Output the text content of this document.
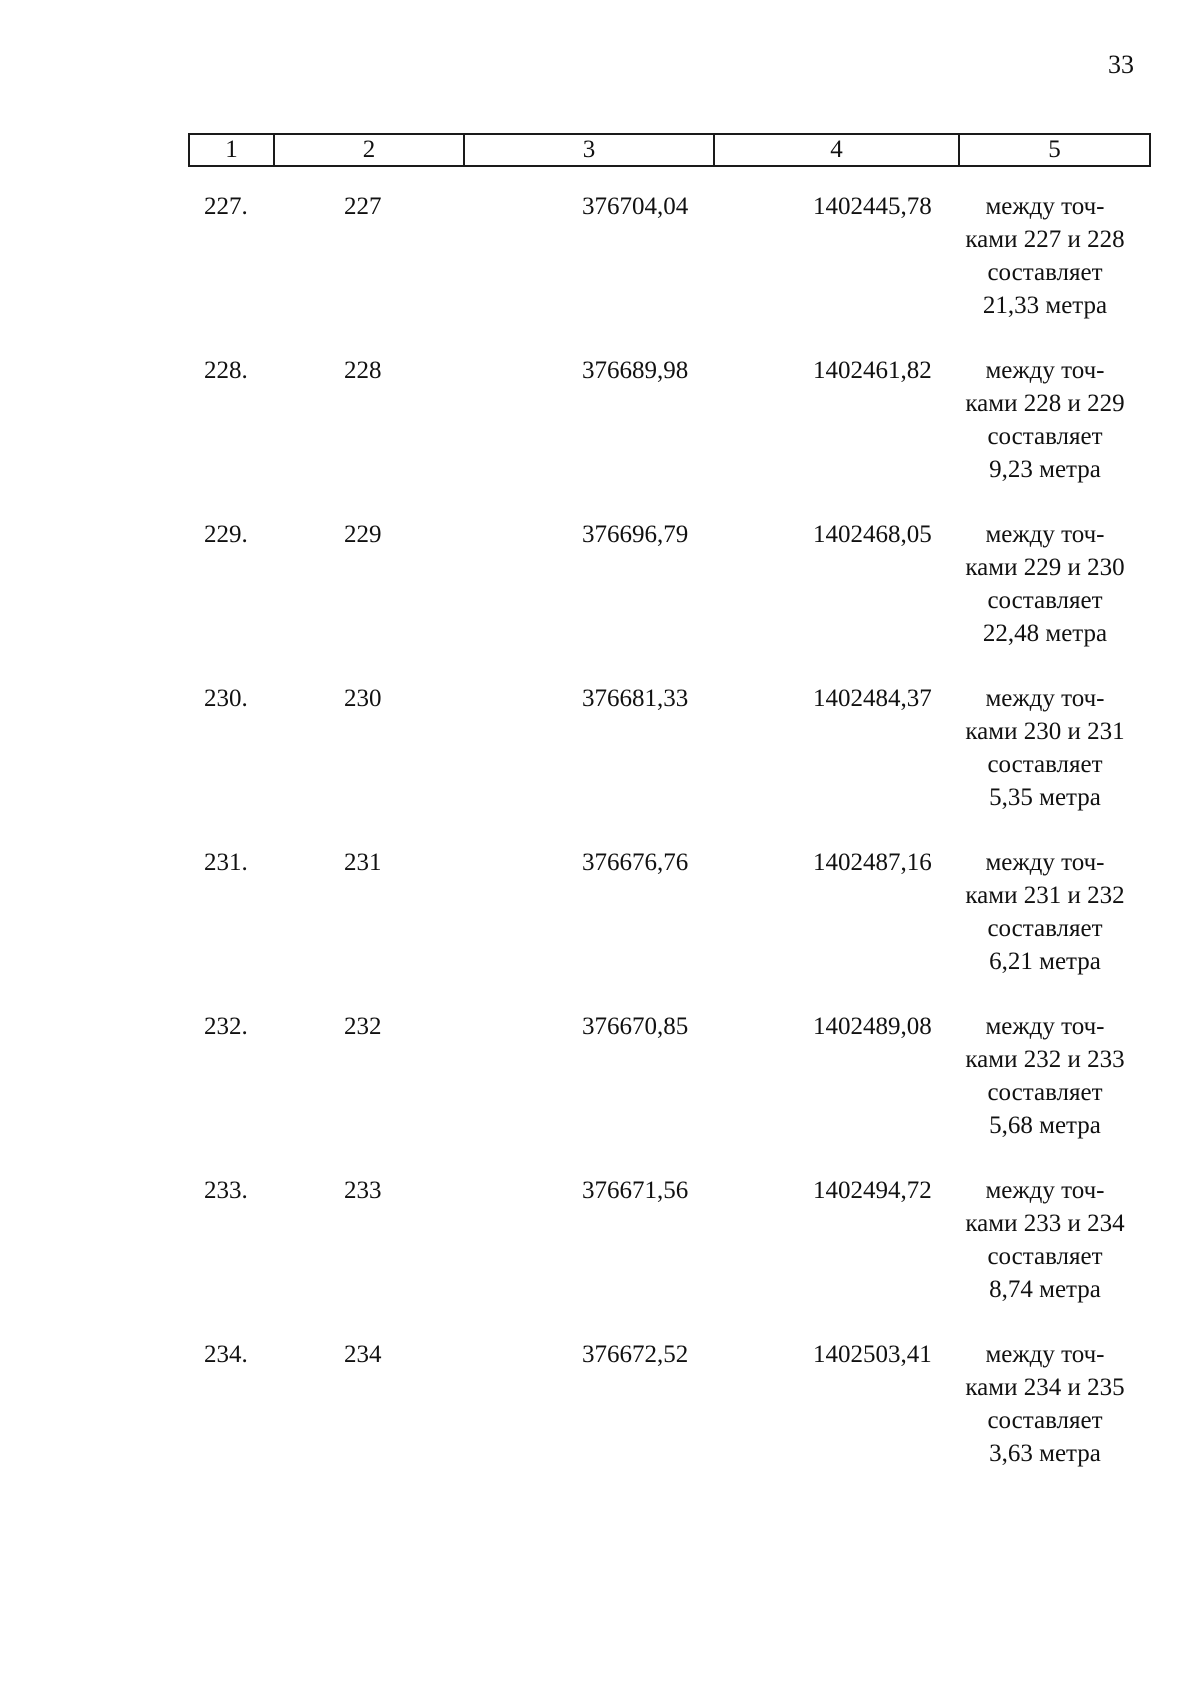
33
1	2	3	4	5
227.	227	376704,04	1402445,78	между точ-
ками 227 и 228
составляет
21,33 метра
228.	228	376689,98	1402461,82	между точ-
ками 228 и 229
составляет
9,23 метра
229.	229	376696,79	1402468,05	между точ-
ками 229 и 230
составляет
22,48 метра
230.	230	376681,33	1402484,37	между точ-
ками 230 и 231
составляет
5,35 метра
231.	231	376676,76	1402487,16	между точ-
ками 231 и 232
составляет
6,21 метра
232.	232	376670,85	1402489,08	между точ-
ками 232 и 233
составляет
5,68 метра
233.	233	376671,56	1402494,72	между точ-
ками 233 и 234
составляет
8,74 метра
234.	234	376672,52	1402503,41	между точ-
ками 234 и 235
составляет
3,63 метра
